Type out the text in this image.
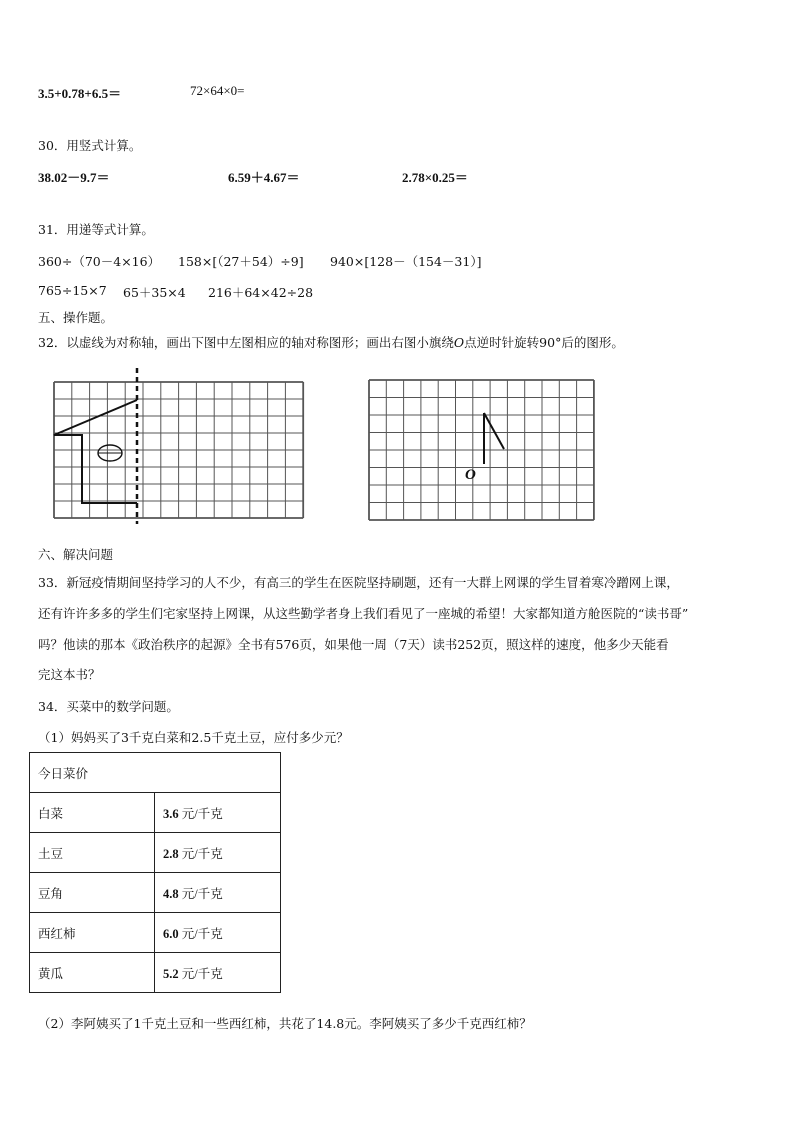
3.5+0.78+6.5＝	72×64×0=
30．用竖式计算。
38.02－9.7＝	6.59＋4.67＝	2.78×0.25＝
31．用递等式计算。
360÷（70－4×16） 158×[（27＋54）÷9] 940×[128－（154－31）]
765÷15×7 65＋35×4 216＋64×42÷28
五、操作题。
32．以虚线为对称轴，画出下图中左图相应的轴对称图形；画出右图小旗绕O点逆时针旋转90°后的图形。
O
六、解决问题
33．新冠疫情期间坚持学习的人不少，有高三的学生在医院坚持刷题，还有一大群上网课的学生冒着寒冷蹭网上课，
还有许许多多的学生们宅家坚持上网课，从这些勤学者身上我们看见了一座城的希望！大家都知道方舱医院的“读书哥”
吗？他读的那本《政治秩序的起源》全书有576页，如果他一周（7天）读书252页，照这样的速度，他多少天能看
完这本书？
34．买菜中的数学问题。
（1）妈妈买了3千克白菜和2.5千克土豆，应付多少元？
今日菜价	
白菜	3.6 元/千克
土豆	2.8 元/千克
豆角	4.8 元/千克
西红柿	6.0 元/千克
黄瓜	5.2 元/千克
（2）李阿姨买了1千克土豆和一些西红柿，共花了14.8元。李阿姨买了多少千克西红柿？
